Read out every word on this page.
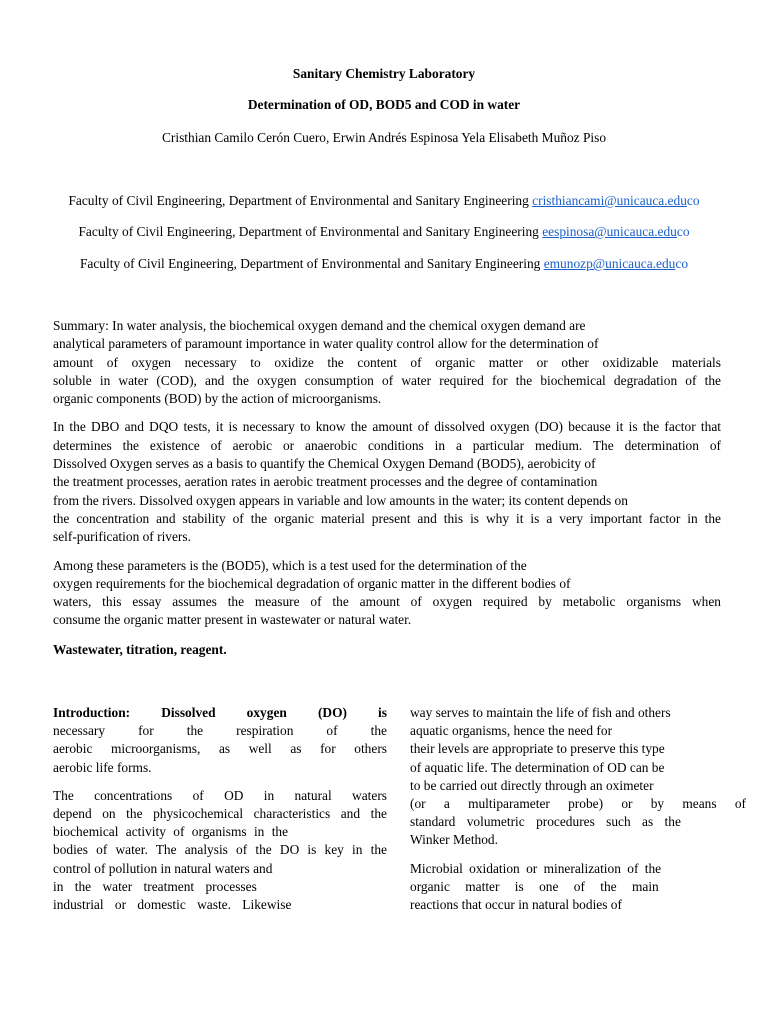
Sanitary Chemistry Laboratory
Determination of OD, BOD5 and COD in water
Cristhian Camilo Cerón Cuero, Erwin Andrés Espinosa Yela Elisabeth Muñoz Piso
Faculty of Civil Engineering, Department of Environmental and Sanitary Engineering cristhiancami@unicauca.educo
Faculty of Civil Engineering, Department of Environmental and Sanitary Engineering eespinosa@unicauca.educo
Faculty of Civil Engineering, Department of Environmental and Sanitary Engineering emunozp@unicauca.educo

Summary: In water analysis, the biochemical oxygen demand and the chemical oxygen demand are
analytical parameters of paramount importance in water quality control allow for the determination of
amount of oxygen necessary to oxidize the content of organic matter or other oxidizable materials
soluble in water (COD), and the oxygen consumption of water required for the biochemical degradation of the
organic components (BOD) by the action of microorganisms.

In the DBO and DQO tests, it is necessary to know the amount of dissolved oxygen (DO) because it is the factor that
determines the existence of aerobic or anaerobic conditions in a particular medium. The determination of
Dissolved Oxygen serves as a basis to quantify the Chemical Oxygen Demand (BOD5), aerobicity of
the treatment processes, aeration rates in aerobic treatment processes and the degree of contamination
from the rivers. Dissolved oxygen appears in variable and low amounts in the water; its content depends on
the concentration and stability of the organic material present and this is why it is a very important factor in the
self-purification of rivers.

Among these parameters is the (BOD5), which is a test used for the determination of the
oxygen requirements for the biochemical degradation of organic matter in the different bodies of
waters, this essay assumes the measure of the amount of oxygen required by metabolic organisms when
consume the organic matter present in wastewater or natural water.

Wastewater, titration, reagent.

Introduction: Dissolved oxygen (DO) is
necessary for the respiration of the
aerobic microorganisms, as well as for others
aerobic life forms.

The concentrations of OD in natural waters
depend on the physicochemical characteristics and the
biochemical activity of organisms in the
bodies of water. The analysis of the DO is key in the
control of pollution in natural waters and
in the water treatment processes
industrial or domestic waste. Likewise

way serves to maintain the life of fish and others
aquatic organisms, hence the need for
their levels are appropriate to preserve this type
of aquatic life. The determination of OD can be
to be carried out directly through an oximeter
(or a multiparameter probe) or by means of
standard volumetric procedures such as the
Winker Method.

Microbial oxidation or mineralization of the
organic matter is one of the main
reactions that occur in natural bodies of
